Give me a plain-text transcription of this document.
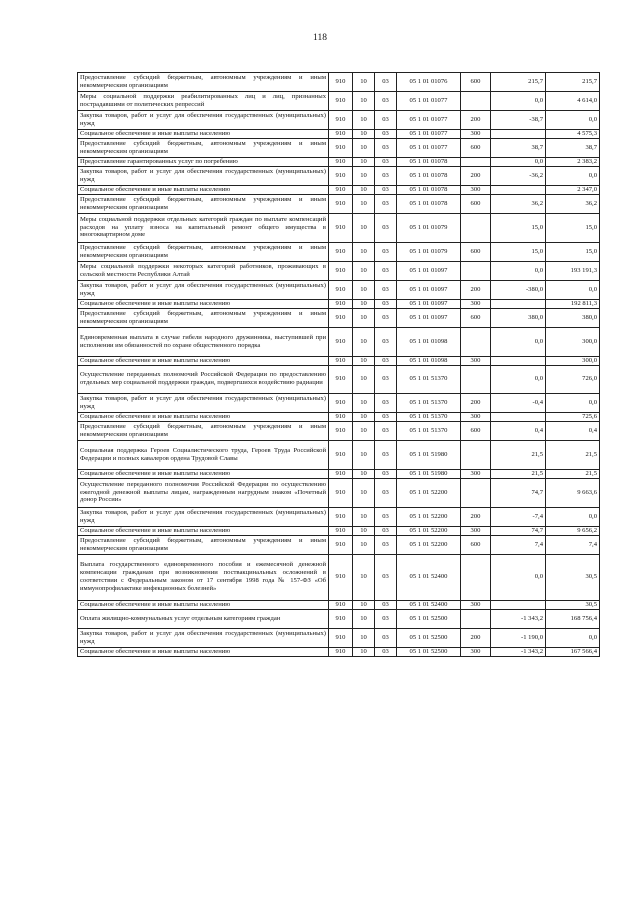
118
Предоставление субсидий бюджетным, автономным учреждениям и иным некоммерческим организациям	910	10	03	05 1 01 01076	600	215,7	215,7
Меры социальной поддержки реабилитированных лиц и лиц, признанных пострадавшими от политических репрессий	910	10	03	05 1 01 01077		0,0	4 614,0
Закупка товаров, работ и услуг для обеспечения государственных (муниципальных) нужд	910	10	03	05 1 01 01077	200	-38,7	0,0
Социальное обеспечение и иные выплаты населению	910	10	03	05 1 01 01077	300		4 575,3
Предоставление субсидий бюджетным, автономным учреждениям и иным некоммерческим организациям	910	10	03	05 1 01 01077	600	38,7	38,7
Предоставление гарантированных услуг по погребению	910	10	03	05 1 01 01078		0,0	2 383,2
Закупка товаров, работ и услуг для обеспечения государственных (муниципальных) нужд	910	10	03	05 1 01 01078	200	-36,2	0,0
Социальное обеспечение и иные выплаты населению	910	10	03	05 1 01 01078	300		2 347,0
Предоставление субсидий бюджетным, автономным учреждениям и иным некоммерческим организациям	910	10	03	05 1 01 01078	600	36,2	36,2
Меры социальной поддержки отдельных категорий граждан по выплате компенсаций расходов на уплату взноса на капитальный ремонт общего имущества в многоквартирном доме	910	10	03	05 1 01 01079		15,0	15,0
Предоставление субсидий бюджетным, автономным учреждениям и иным некоммерческим организациям	910	10	03	05 1 01 01079	600	15,0	15,0
Меры социальной поддержки некоторых категорий работников, проживающих в сельской местности Республики Алтай	910	10	03	05 1 01 01097		0,0	193 191,3
Закупка товаров, работ и услуг для обеспечения государственных (муниципальных) нужд	910	10	03	05 1 01 01097	200	-380,0	0,0
Социальное обеспечение и иные выплаты населению	910	10	03	05 1 01 01097	300		192 811,3
Предоставление субсидий бюджетным, автономным учреждениям и иным некоммерческим организациям	910	10	03	05 1 01 01097	600	380,0	380,0
Единовременная выплата в случае гибели народного дружинника, выступившей при исполнении им обязанностей по охране общественного порядка	910	10	03	05 1 01 01098		0,0	300,0
Социальное обеспечение и иные выплаты населению	910	10	03	05 1 01 01098	300		300,0
Осуществление переданных полномочий Российской Федерации по предоставлению отдельных мер социальной поддержки граждан, подвергшихся воздействию радиации	910	10	03	05 1 01 51370		0,0	726,0
Закупка товаров, работ и услуг для обеспечения государственных (муниципальных) нужд	910	10	03	05 1 01 51370	200	-0,4	0,0
Социальное обеспечение и иные выплаты населению	910	10	03	05 1 01 51370	300		725,6
Предоставление субсидий бюджетным, автономным учреждениям и иным некоммерческим организациям	910	10	03	05 1 01 51370	600	0,4	0,4
Социальная поддержка Героев Социалистического труда, Героев Труда Российской Федерации и полных кавалеров ордена Трудовой Славы	910	10	03	05 1 01 51980		21,5	21,5
Социальное обеспечение и иные выплаты населению	910	10	03	05 1 01 51980	300	21,5	21,5
Осуществление переданного полномочия Российской Федерации по осуществлению ежегодной денежной выплаты лицам, награжденным нагрудным знаком «Почетный донор России»	910	10	03	05 1 01 52200		74,7	9 663,6
Закупка товаров, работ и услуг для обеспечения государственных (муниципальных) нужд	910	10	03	05 1 01 52200	200	-7,4	0,0
Социальное обеспечение и иные выплаты населению	910	10	03	05 1 01 52200	300	74,7	9 656,2
Предоставление субсидий бюджетным, автономным учреждениям и иным некоммерческим организациям	910	10	03	05 1 01 52200	600	7,4	7,4
Выплата государственного единовременного пособия и ежемесячной денежной компенсации гражданам при возникновении поствакцинальных осложнений в соответствии с Федеральным законом от 17 сентября 1998 года № 157-ФЗ «Об иммунопрофилактике инфекционных болезней»	910	10	03	05 1 01 52400		0,0	30,5
Социальное обеспечение и иные выплаты населению	910	10	03	05 1 01 52400	300		30,5
Оплата жилищно-коммунальных услуг отдельным категориям граждан	910	10	03	05 1 01 52500		-1 343,2	168 756,4
Закупка товаров, работ и услуг для обеспечения государственных (муниципальных) нужд	910	10	03	05 1 01 52500	200	-1 190,0	0,0
Социальное обеспечение и иные выплаты населению	910	10	03	05 1 01 52500	300	-1 343,2	167 566,4
